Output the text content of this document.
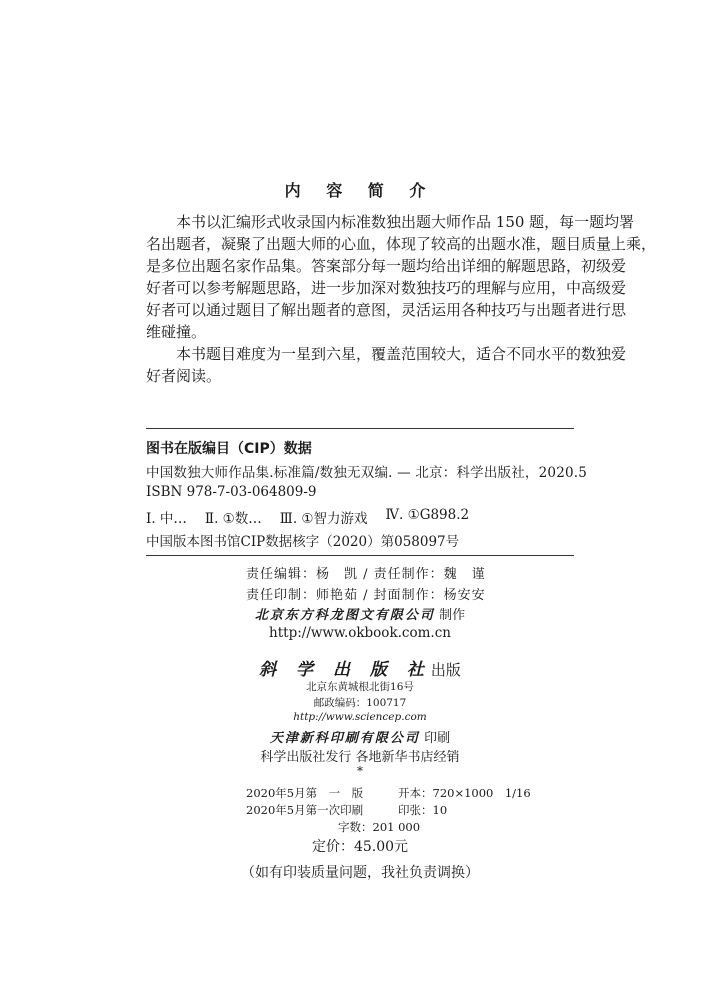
内 容 简 介
本书以汇编形式收录国内标准数独出题大师作品 150 题，每一题均署
名出题者，凝聚了出题大师的心血，体现了较高的出题水准，题目质量上乘，
是多位出题名家作品集。答案部分每一题均给出详细的解题思路，初级爱
好者可以参考解题思路，进一步加深对数独技巧的理解与应用，中高级爱
好者可以通过题目了解出题者的意图，灵活运用各种技巧与出题者进行思
维碰撞。
本书题目难度为一星到六星，覆盖范围较大，适合不同水平的数独爱
好者阅读。
图书在版编目（CIP）数据
中国数独大师作品集.标准篇/数独无双编. — 北京：科学出版社，2020.5
ISBN 978-7-03-064809-9
Ⅰ. 中… Ⅱ. ①数… Ⅲ. ①智力游戏 Ⅳ. ①G898.2
中国版本图书馆CIP数据核字（2020）第058097号
责任编辑：杨　凯 / 责任制作：魏　谨
责任印制：师艳茹 / 封面制作：杨安安
北京东方科龙图文有限公司 制作
http://www.okbook.com.cn
斜 学 出 版 社出版
北京东黄城根北街16号
邮政编码：100717
http://www.sciencep.com
天津新科印刷有限公司 印刷
科学出版社发行 各地新华书店经销
*
2020年5月第　一　版	开本：720×1000　1/16
2020年5月第一次印刷	印张：10
字数：201 000
定价：45.00元
（如有印装质量问题，我社负责调换）
